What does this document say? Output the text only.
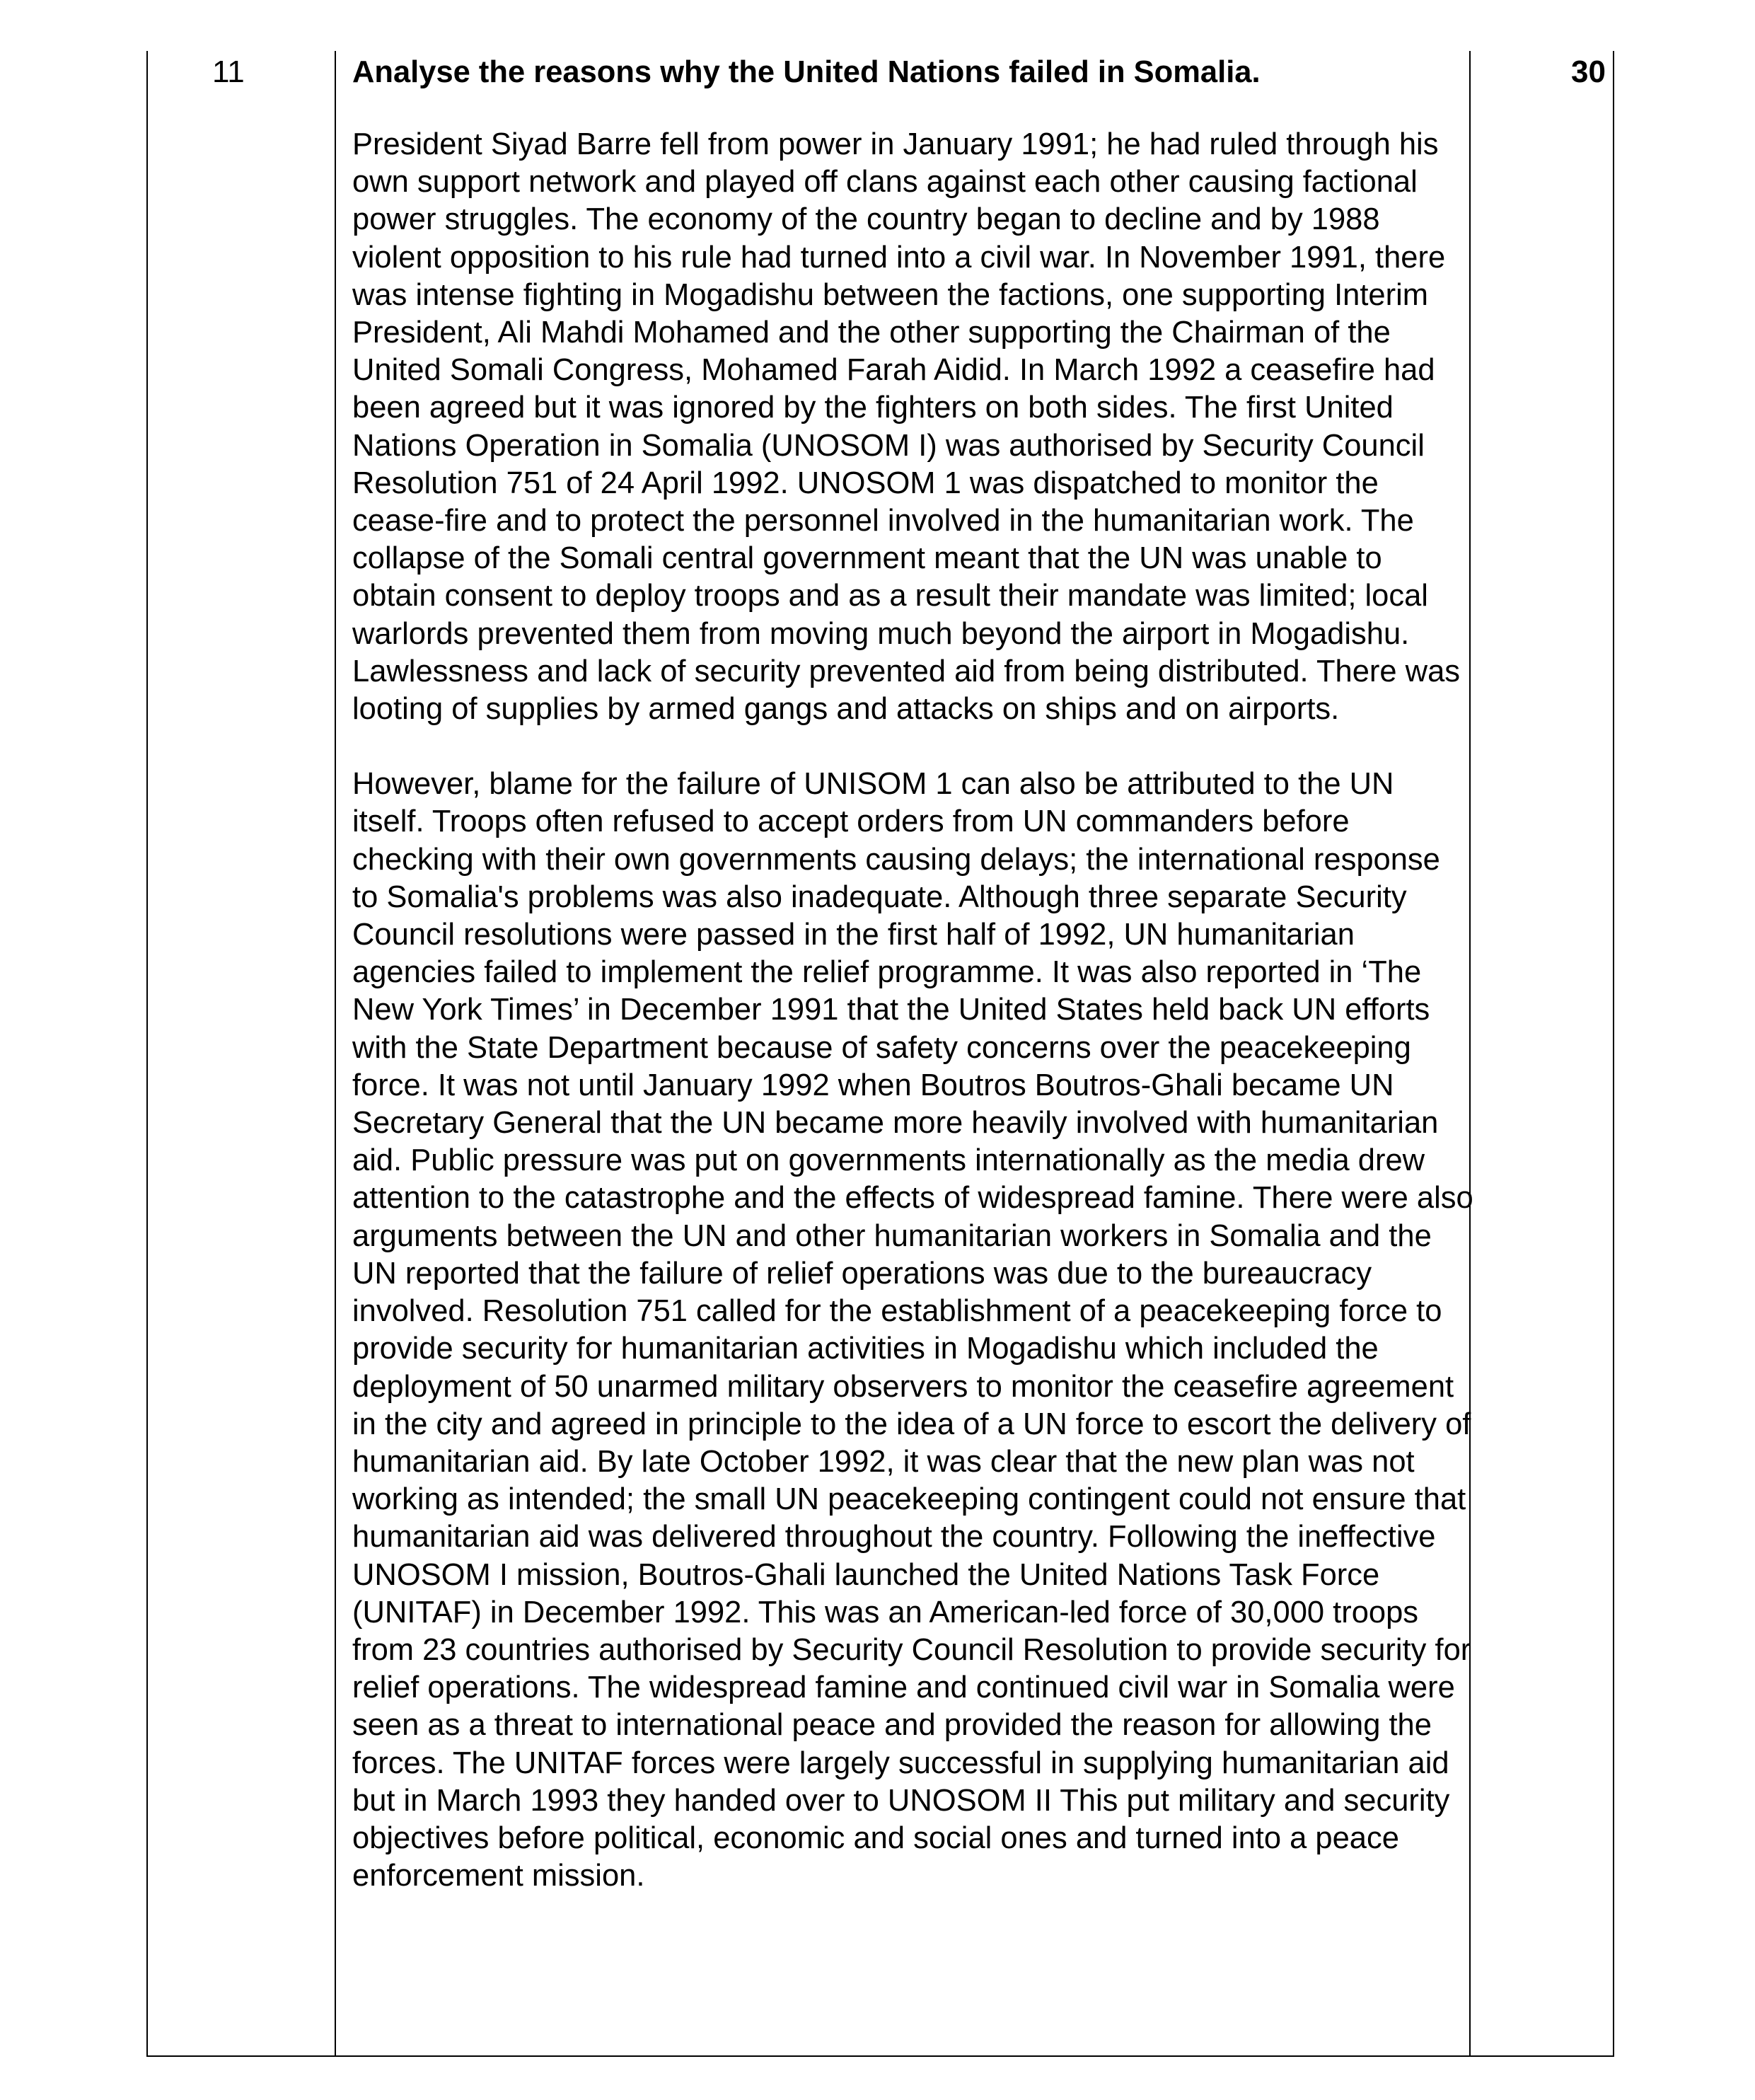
11	Analyse the reasons why the United Nations failed in Somalia.

President Siyad Barre fell from power in January 1991; he had ruled through his own support network and played off clans against each other causing factional power struggles. The economy of the country began to decline and by 1988 violent opposition to his rule had turned into a civil war. In November 1991, there was intense fighting in Mogadishu between the factions, one supporting Interim President, Ali Mahdi Mohamed and the other supporting the Chairman of the United Somali Congress, Mohamed Farah Aidid. In March 1992 a ceasefire had been agreed but it was ignored by the fighters on both sides. The first United Nations Operation in Somalia (UNOSOM I) was authorised by Security Council Resolution 751 of 24 April 1992. UNOSOM 1 was dispatched to monitor the cease-fire and to protect the personnel involved in the humanitarian work. The collapse of the Somali central government meant that the UN was unable to obtain consent to deploy troops and as a result their mandate was limited; local warlords prevented them from moving much beyond the airport in Mogadishu. Lawlessness and lack of security prevented aid from being distributed. There was looting of supplies by armed gangs and attacks on ships and on airports.

However, blame for the failure of UNISOM 1 can also be attributed to the UN itself. Troops often refused to accept orders from UN commanders before checking with their own governments causing delays; the international response to Somalia's problems was also inadequate. Although three separate Security Council resolutions were passed in the first half of 1992, UN humanitarian agencies failed to implement the relief programme. It was also reported in ‘The New York Times’ in December 1991 that the United States held back UN efforts with the State Department because of safety concerns over the peacekeeping force. It was not until January 1992 when Boutros Boutros-Ghali became UN Secretary General that the UN became more heavily involved with humanitarian aid. Public pressure was put on governments internationally as the media drew attention to the catastrophe and the effects of widespread famine. There were also arguments between the UN and other humanitarian workers in Somalia and the UN reported that the failure of relief operations was due to the bureaucracy involved. Resolution 751 called for the establishment of a peacekeeping force to provide security for humanitarian activities in Mogadishu which included the deployment of 50 unarmed military observers to monitor the ceasefire agreement in the city and agreed in principle to the idea of a UN force to escort the delivery of humanitarian aid. By late October 1992, it was clear that the new plan was not working as intended; the small UN peacekeeping contingent could not ensure that humanitarian aid was delivered throughout the country. Following the ineffective UNOSOM I mission, Boutros-Ghali launched the United Nations Task Force (UNITAF) in December 1992. This was an American-led force of 30,000 troops from 23 countries authorised by Security Council Resolution to provide security for relief operations. The widespread famine and continued civil war in Somalia were seen as a threat to international peace and provided the reason for allowing the forces. The UNITAF forces were largely successful in supplying humanitarian aid but in March 1993 they handed over to UNOSOM II This put military and security objectives before political, economic and social ones and turned into a peace enforcement mission.

30
